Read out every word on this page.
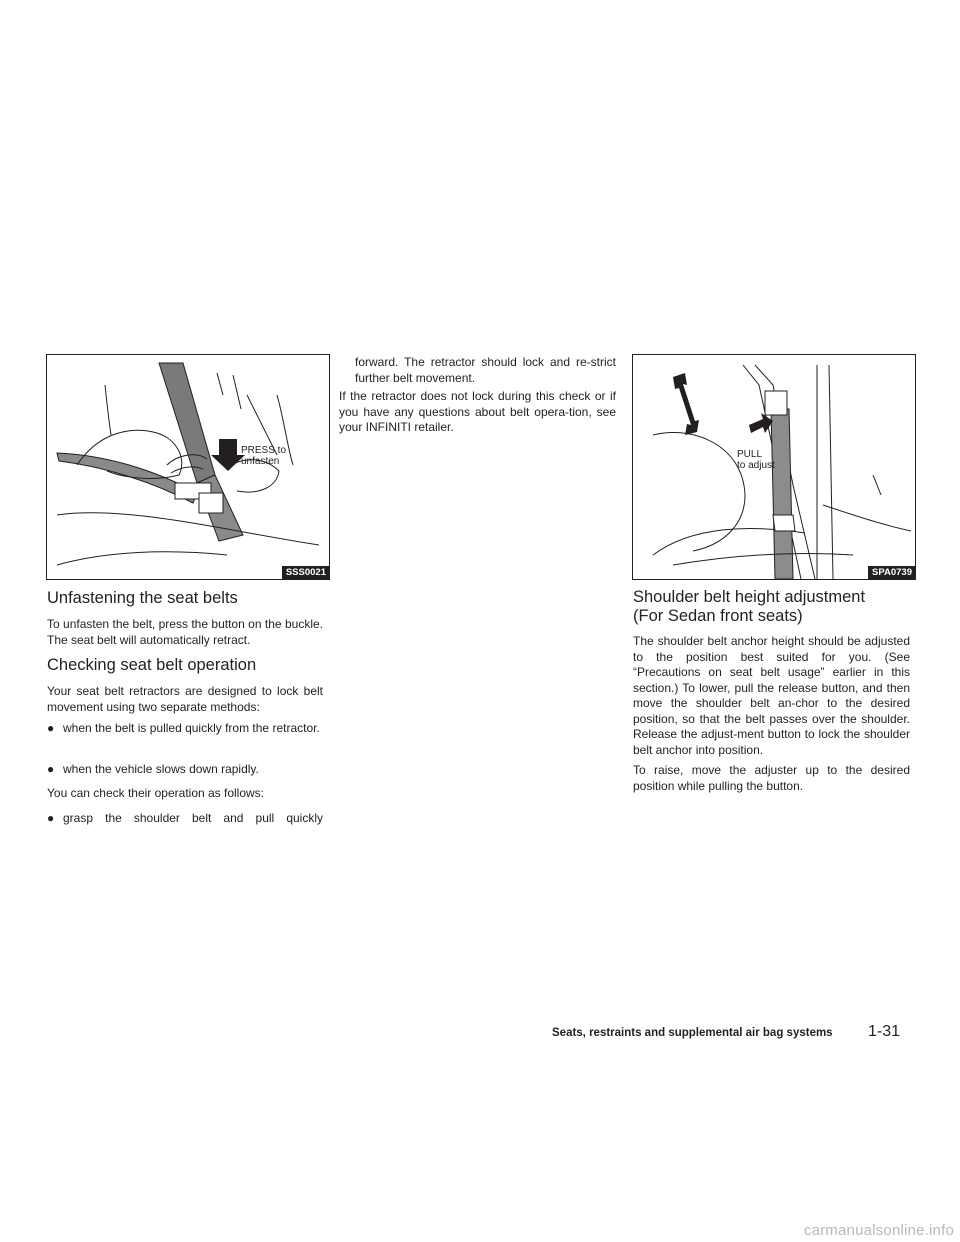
PRESS to
unfasten
SSS0021
PULL
to adjust
SPA0739
Unfastening the seat belts

To unfasten the belt, press the button on the buckle. The seat belt will automatically retract.

Checking seat belt operation

Your seat belt retractors are designed to lock belt movement using two separate methods:

● when the belt is pulled quickly from the retractor.
● when the vehicle slows down rapidly.

You can check their operation as follows:

● grasp the shoulder belt and pull quickly

forward. The retractor should lock and re-strict further belt movement.

If the retractor does not lock during this check or if you have any questions about belt opera-tion, see your INFINITI retailer.

Shoulder belt height adjustment
(For Sedan front seats)

The shoulder belt anchor height should be adjusted to the position best suited for you. (See “Precautions on seat belt usage” earlier in this section.) To lower, pull the release button, and then move the shoulder belt an-chor to the desired position, so that the belt passes over the shoulder. Release the adjust-ment button to lock the shoulder belt anchor into position.

To raise, move the adjuster up to the desired position while pulling the button.

Seats, restraints and supplemental air bag systems 1-31
carmanualsonline.info
